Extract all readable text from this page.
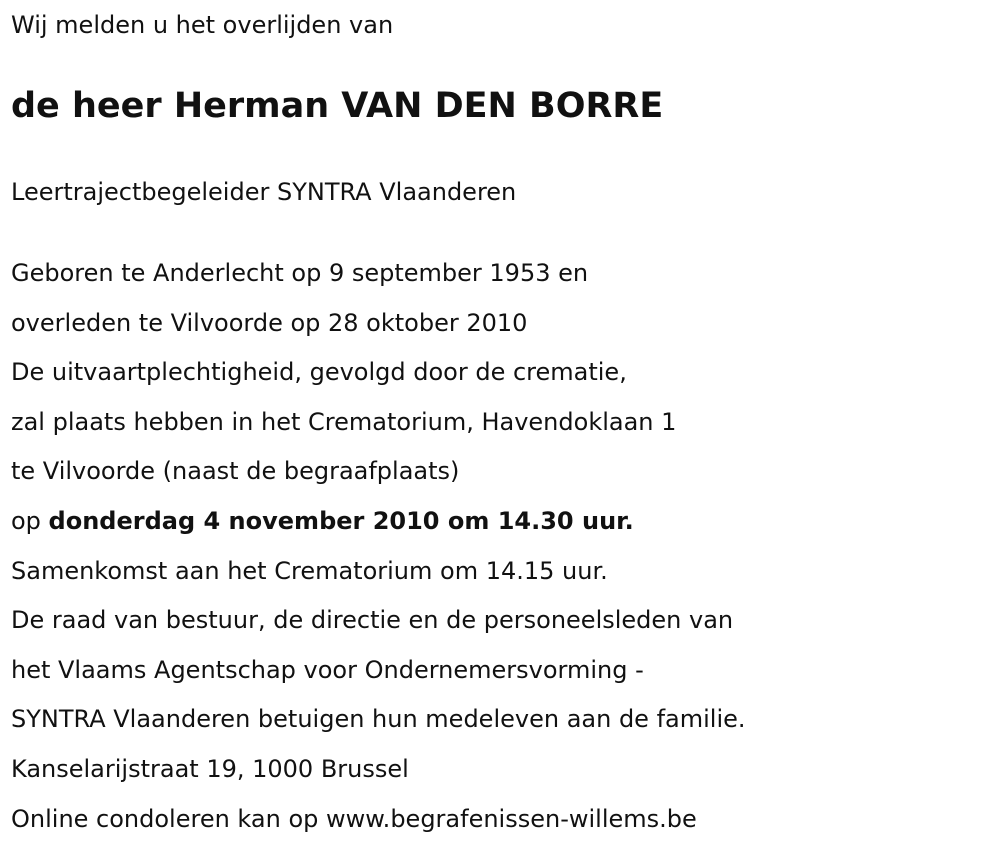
Wij melden u het overlijden van
de heer Herman VAN DEN BORRE
Leertrajectbegeleider SYNTRA Vlaanderen
Geboren te Anderlecht op 9 september 1953 en
overleden te Vilvoorde op 28 oktober 2010
De uitvaartplechtigheid, gevolgd door de crematie,
zal plaats hebben in het Crematorium, Havendoklaan 1
te Vilvoorde (naast de begraafplaats)
op donderdag 4 november 2010 om 14.30 uur.
Samenkomst aan het Crematorium om 14.15 uur.
De raad van bestuur, de directie en de personeelsleden van
het Vlaams Agentschap voor Ondernemersvorming -
SYNTRA Vlaanderen betuigen hun medeleven aan de familie.
Kanselarijstraat 19, 1000 Brussel
Online condoleren kan op www.begrafenissen-willems.be
